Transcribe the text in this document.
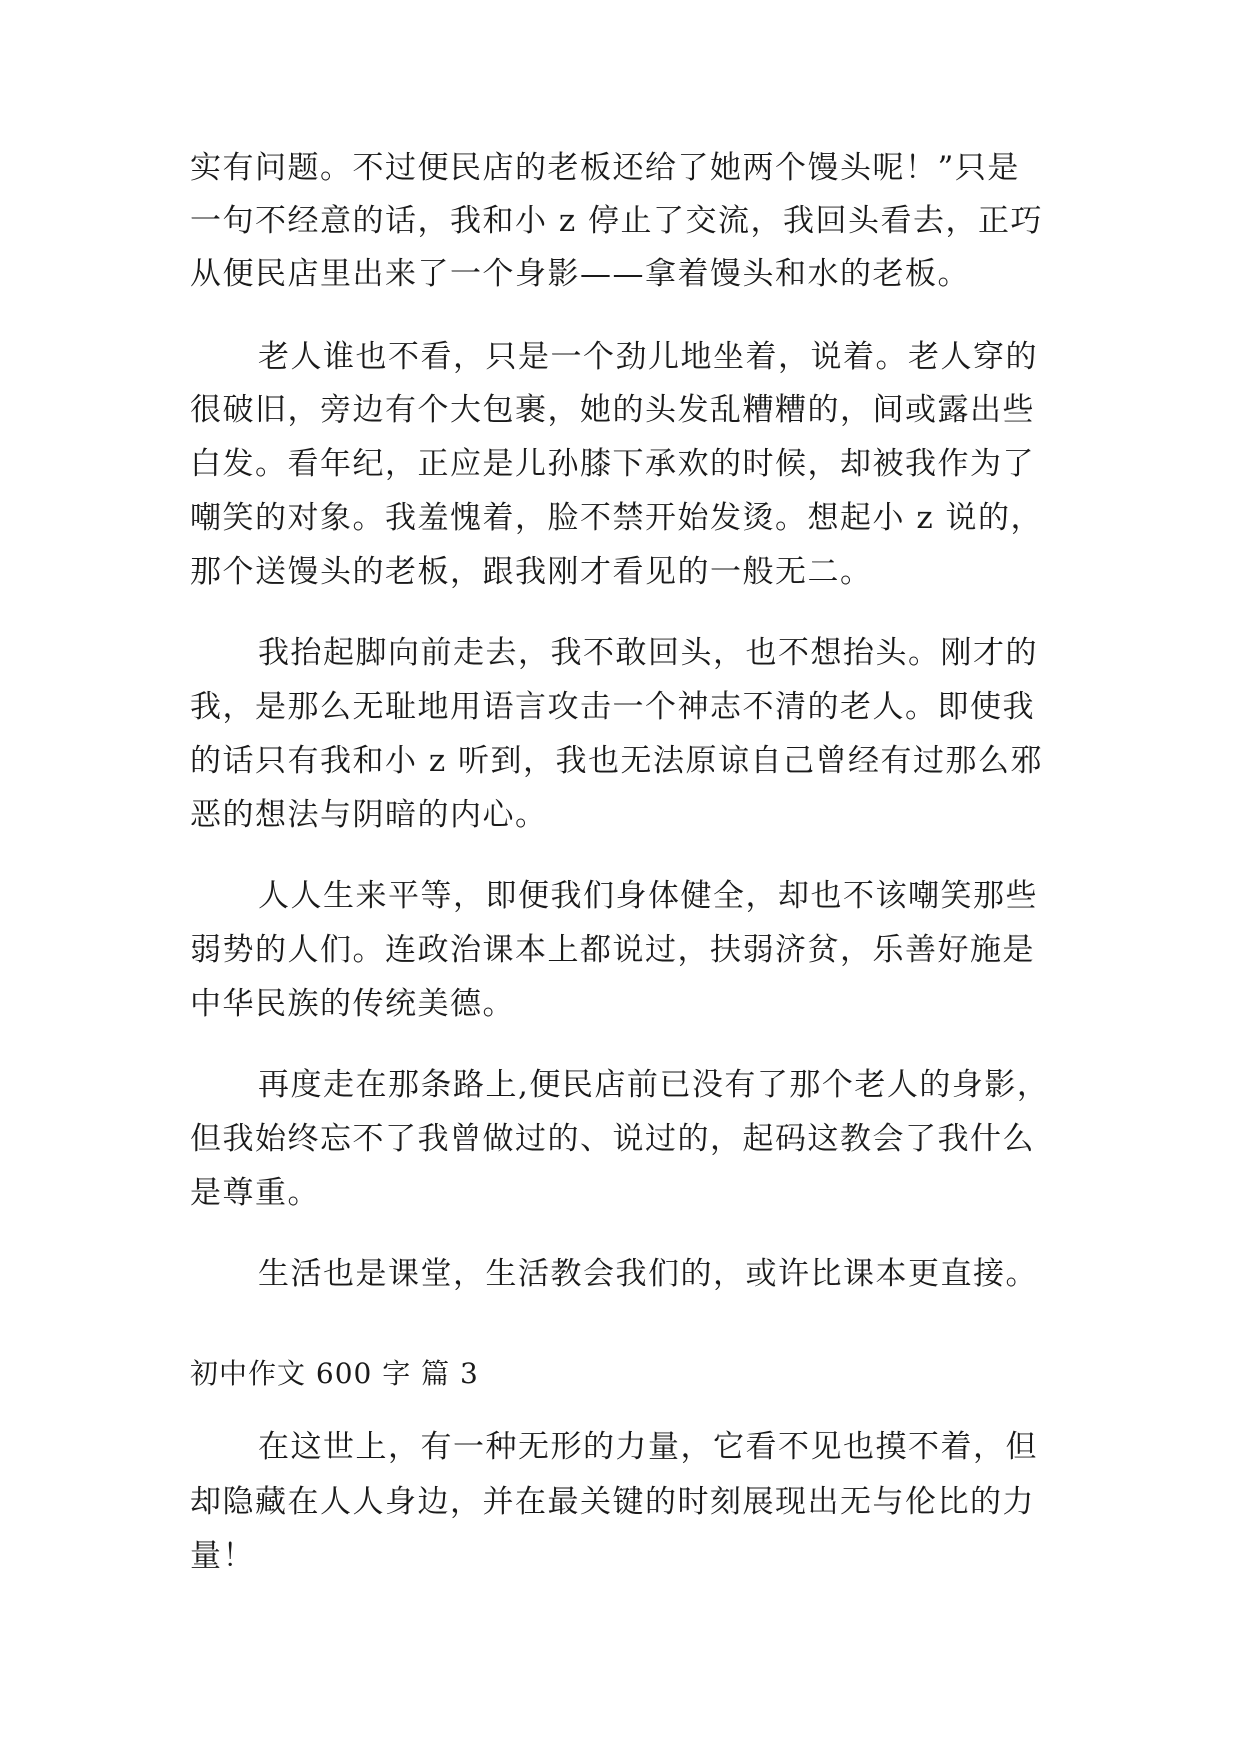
实有问题。不过便民店的老板还给了她两个馒头呢！”只是
一句不经意的话，我和小 z 停止了交流，我回头看去，正巧
从便民店里出来了一个身影——拿着馒头和水的老板。
老人谁也不看，只是一个劲儿地坐着，说着。老人穿的
很破旧，旁边有个大包裹，她的头发乱糟糟的，间或露出些
白发。看年纪，正应是儿孙膝下承欢的时候，却被我作为了
嘲笑的对象。我羞愧着，脸不禁开始发烫。想起小 z 说的，
那个送馒头的老板，跟我刚才看见的一般无二。
我抬起脚向前走去，我不敢回头，也不想抬头。刚才的
我，是那么无耻地用语言攻击一个神志不清的老人。即使我
的话只有我和小 z 听到，我也无法原谅自己曾经有过那么邪
恶的想法与阴暗的内心。
人人生来平等，即便我们身体健全，却也不该嘲笑那些
弱势的人们。连政治课本上都说过，扶弱济贫，乐善好施是
中华民族的传统美德。
再度走在那条路上,便民店前已没有了那个老人的身影，
但我始终忘不了我曾做过的、说过的，起码这教会了我什么
是尊重。
生活也是课堂，生活教会我们的，或许比课本更直接。
初中作文 600 字 篇 3
在这世上，有一种无形的力量，它看不见也摸不着，但
却隐藏在人人身边，并在最关键的时刻展现出无与伦比的力
量！
